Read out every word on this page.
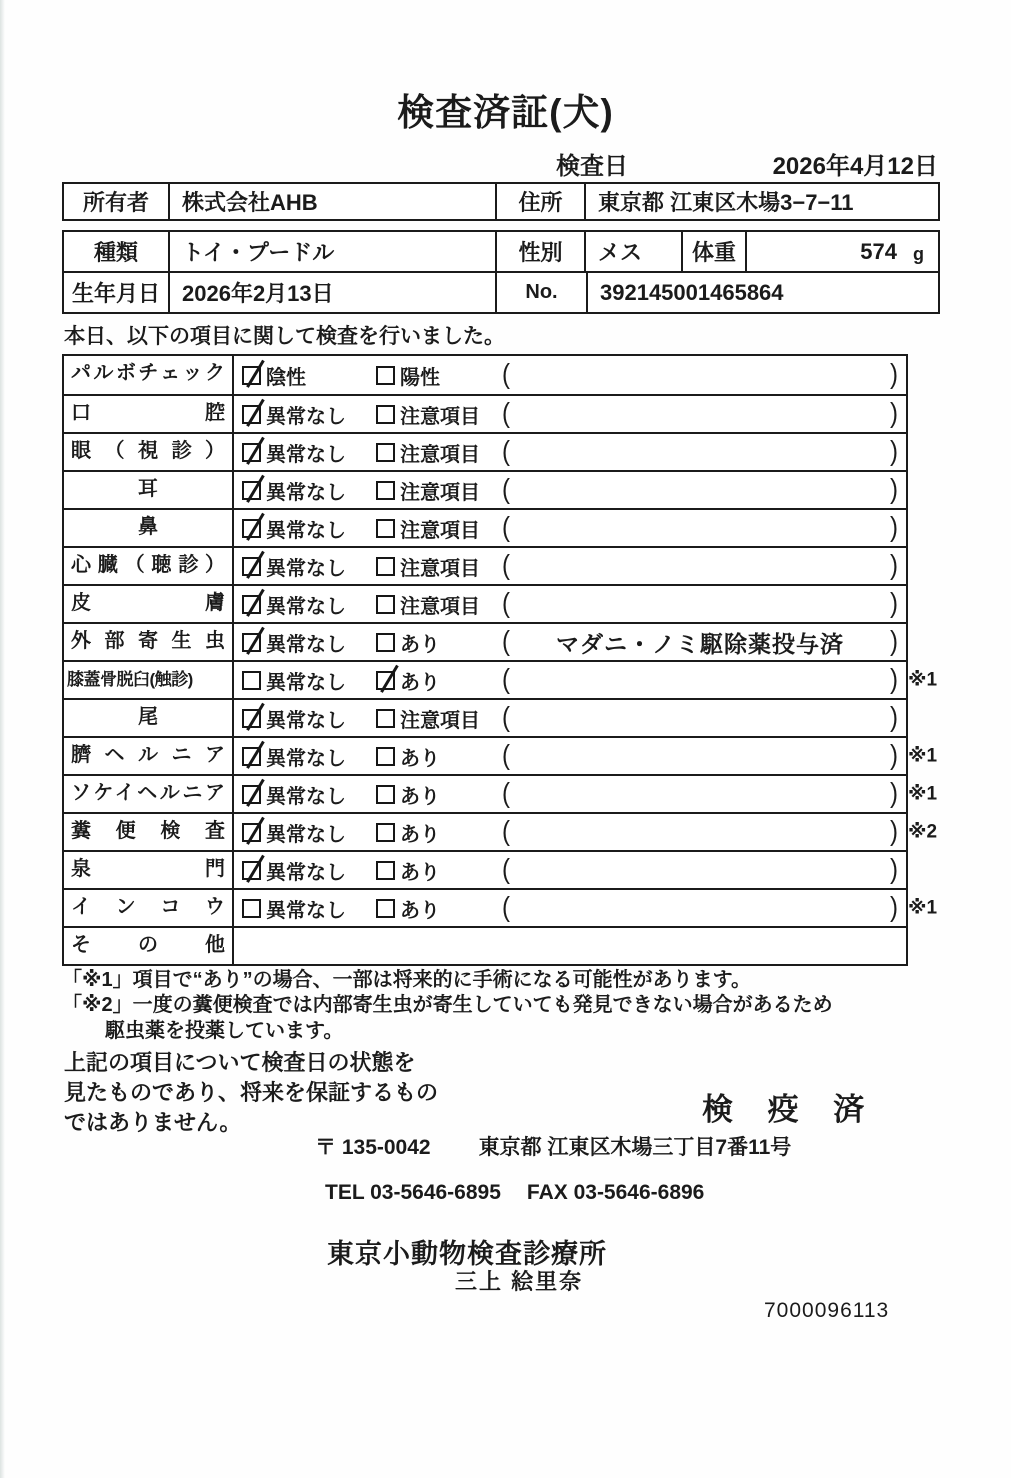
検査済証(犬)
検査日	2026年4月12日
所有者	株式会社AHB	住所	東京都 江東区木場3−7−11
種類	トイ・プードル	性別	メス	体重	574 g
生年月日	2026年2月13日	No.	392145001465864
本日、以下の項目に関して検査を行いました。
パルボチェック	陰性	陽性	(	)
口腔	異常なし	注意項目 (	)
眼（視診）	異常なし	注意項目 (	)
耳	異常なし	注意項目 (	)
鼻	異常なし	注意項目 (	)
心臓（聴診）	異常なし	注意項目 (	)
皮膚	異常なし	注意項目 (	)
外部寄生虫	異常なし	あり	( マダニ・ノミ駆除薬投与済 )
膝蓋骨脱臼(触診)	異常なし	あり	(	) ※1
尾	異常なし	注意項目 (	)
臍ヘルニア	異常なし	あり	(	) ※1
ソケイヘルニア	異常なし	あり	(	) ※1
糞便検査	異常なし	あり	(	) ※2
泉門	異常なし	あり	(	)
インコウ	異常なし	あり	(	) ※1
その他
「※1」項目で“あり”の場合、一部は将来的に手術になる可能性があります。
「※2」一度の糞便検査では内部寄生虫が寄生していても発見できない場合があるため
駆虫薬を投薬しています。
上記の項目について検査日の状態を
見たものであり、将来を保証するもの
ではありません。	検 疫 済
〒 135-0042 東京都 江東区木場三丁目7番11号
TEL 03-5646-6895 FAX 03-5646-6896
東京小動物検査診療所
三上 絵里奈
7000096113
